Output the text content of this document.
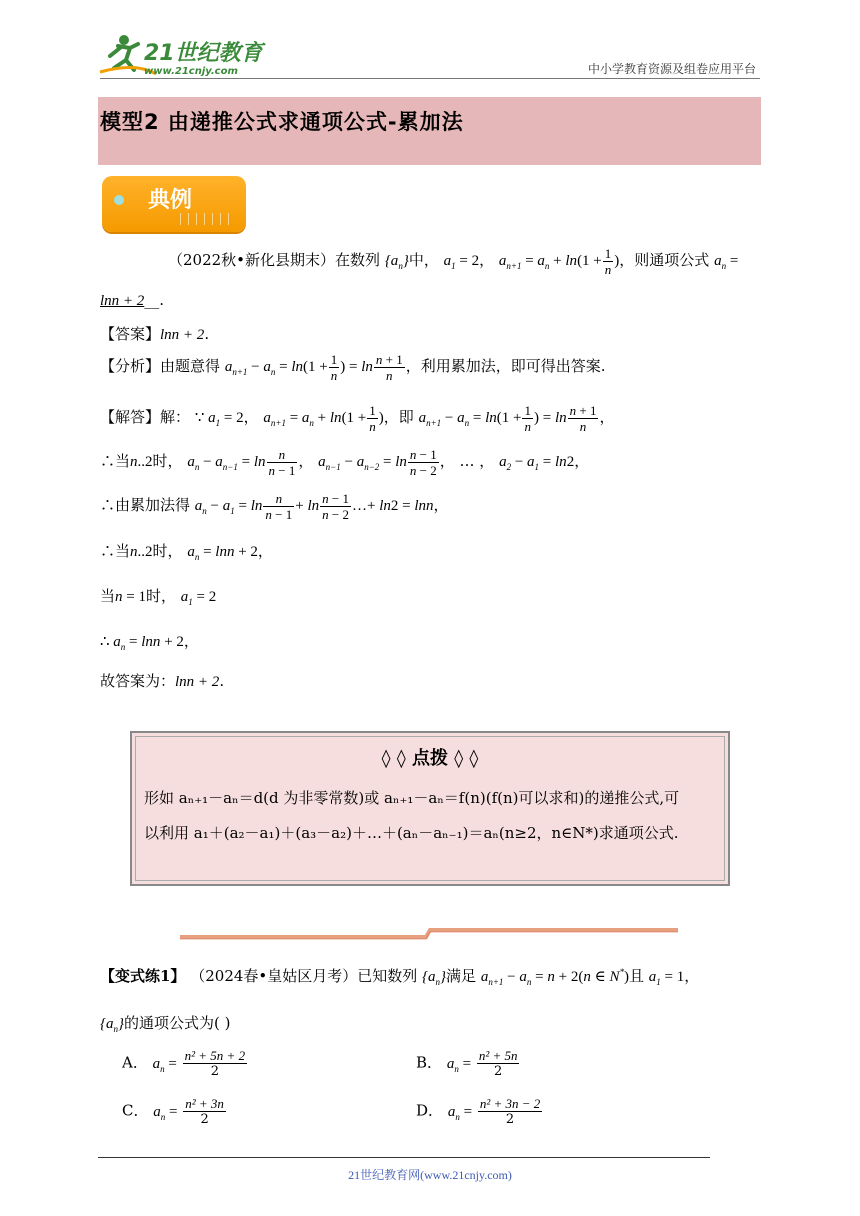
21世纪教育
www.21cnjy.com	中小学教育资源及组卷应用平台
模型2 由递推公式求通项公式-累加法
典例
（2022秋•新化县期末）在数列 $\{a_n\}$中， $a_1 = 2$， $a_{n+1} = a_n + \ln(1 + \frac{1}{n}$ )，则通项公式 $a_n$ =
lnn + 2__.
【答案】lnn + 2.
【分析】由题意得 $a_{n+1} - a_n = \ln(1 + \frac{1}{n}$ ) = $\ln \frac{n + 1}{n}$ ，利用累加法，即可得出答案.
【解答】解： ∵ $a_1 = 2$， $a_{n+1} = a_n + \ln(1 + \frac{1}{n}$ )，即 $a_{n+1} - a_n = \ln(1 + \frac{1}{n}$ ) = $\ln \frac{n + 1}{n}$ ，
∴当n..2时， $a_n - a_{n-1} = \ln \frac{n}{n - 1}$ ， $a_{n-1} - a_{n-2} = \ln \frac{n - 1}{n - 2}$ ， … ， $a_2 - a_1 = \ln 2$，
∴由累加法得 $a_n - a_1 = \ln \frac{n}{n - 1} + \ln \frac{n - 1}{n - 2}$ …+ ln2 = lnn，
∴当n..2时， $a_n = \ln n + 2$，
当n = 1时， $a_1 = 2$
∴ $a_n = \ln n + 2$，
故答案为：lnn + 2.
◊ ◊ 点拨 ◊ ◊
形如 aₙ₊₁－aₙ＝d(d 为非零常数)或 aₙ₊₁－aₙ＝f(n)(f(n)可以求和)的递推公式,可
以利用 a₁＋(a₂－a₁)＋(a₃－a₂)＋…＋(aₙ－aₙ₋₁)＝aₙ(n≥2，n∈N*)求通项公式.
【变式练1】 （2024春•皇姑区月考）已知数列 $\{a_n\}$满足 $a_{n+1} - a_n = n + 2(n$ ∈ N*)且 $a_1 = 1$，
$\{a_n\}$的通项公式为( )
A． $a_n = \frac{\text{n² + 5n + 2}}{2}$	B． $a_n = \frac{\text{n² + 5n}}{2}$
C． $a_n = \frac{\text{n² + 3n}}{2}$	D． $a_n = \frac{\text{n² + 3n − 2}}{2}$
21世纪教育网(www.21cnjy.com)
